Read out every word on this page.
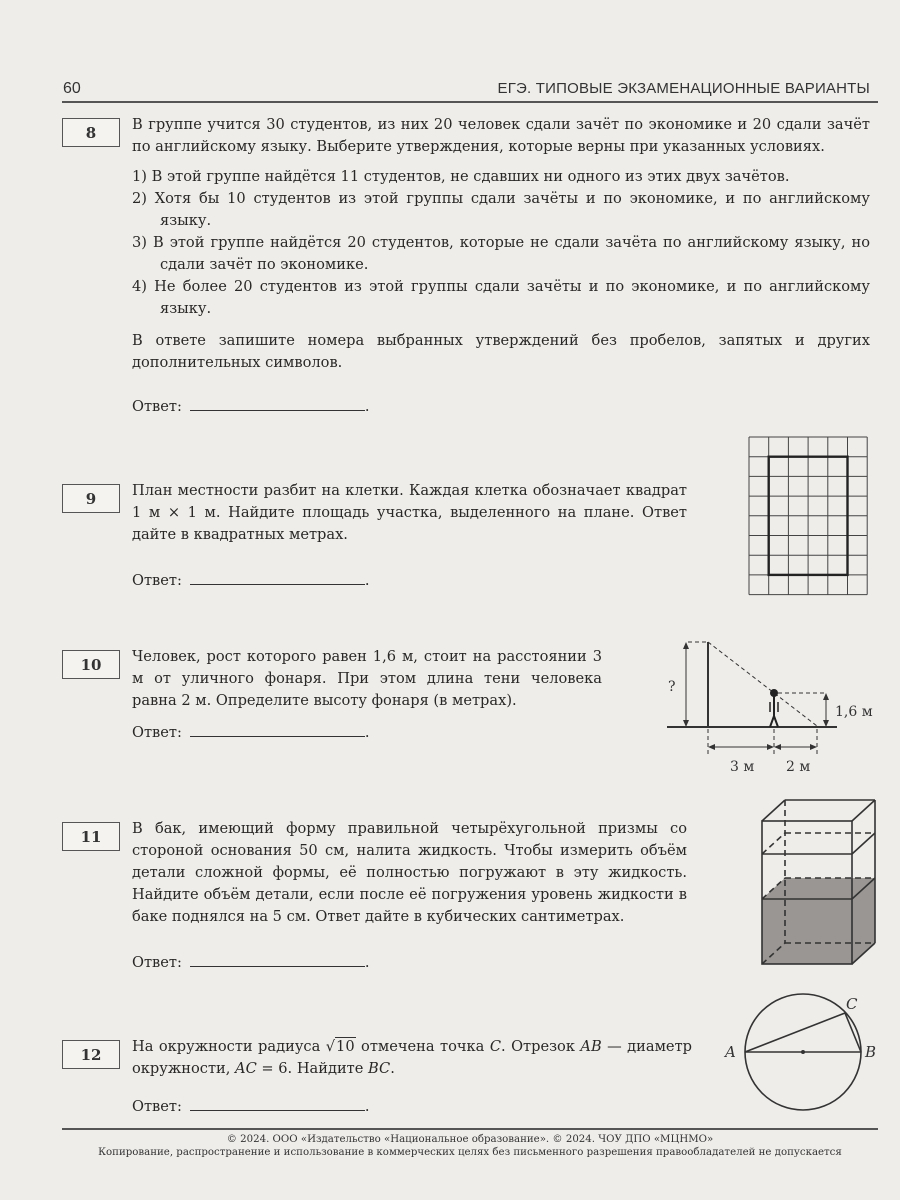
60	ЕГЭ. ТИПОВЫЕ ЭКЗАМЕНАЦИОННЫЕ ВАРИАНТЫ
8	В группе учится 30 студентов, из них 20 человек сдали зачёт по экономике и 20 сдали зачёт по английскому языку. Выберите утверждения, которые верны при указанных условиях.

1) В этой группе найдётся 11 студентов, не сдавших ни одного из этих двух зачётов.
2) Хотя бы 10 студентов из этой группы сдали зачёты и по экономике, и по английскому языку.
3) В этой группе найдётся 20 студентов, которые не сдали зачёта по английскому языку, но сдали зачёт по экономике.
4) Не более 20 студентов из этой группы сдали зачёты и по экономике, и по английскому языку.

В ответе запишите номера выбранных утверждений без пробелов, запятых и других дополнительных символов.

Ответ:	.
9	План местности разбит на клетки. Каждая клетка обозначает квадрат 1 м × 1 м. Найдите площадь участка, выделенного на плане. Ответ дайте в квадратных метрах.

Ответ:	.
10	Человек, рост которого равен 1,6 м, стоит на расстоянии 3 м от уличного фонаря. При этом длина тени человека равна 2 м. Определите высоту фонаря (в метрах).

Ответ:	.
?
1,6 м
3 м 2 м
11	В бак, имеющий форму правильной четырёхугольной призмы со стороной основания 50 см, налита жидкость. Чтобы измерить объём детали сложной формы, её полностью погружают в эту жидкость. Найдите объём детали, если после её погружения уровень жидкости в баке поднялся на 5 см. Ответ дайте в кубических сантиметрах.

Ответ:	.
12	На окружности радиуса √10 отмечена точка C. Отрезок AB — диаметр окружности, AC = 6. Найдите BC.

Ответ:	.
A	B
C
© 2024. ООО «Издательство «Национальное образование». © 2024. ЧОУ ДПО «МЦНМО»
Копирование, распространение и использование в коммерческих целях без письменного разрешения правообладателей не допускается
